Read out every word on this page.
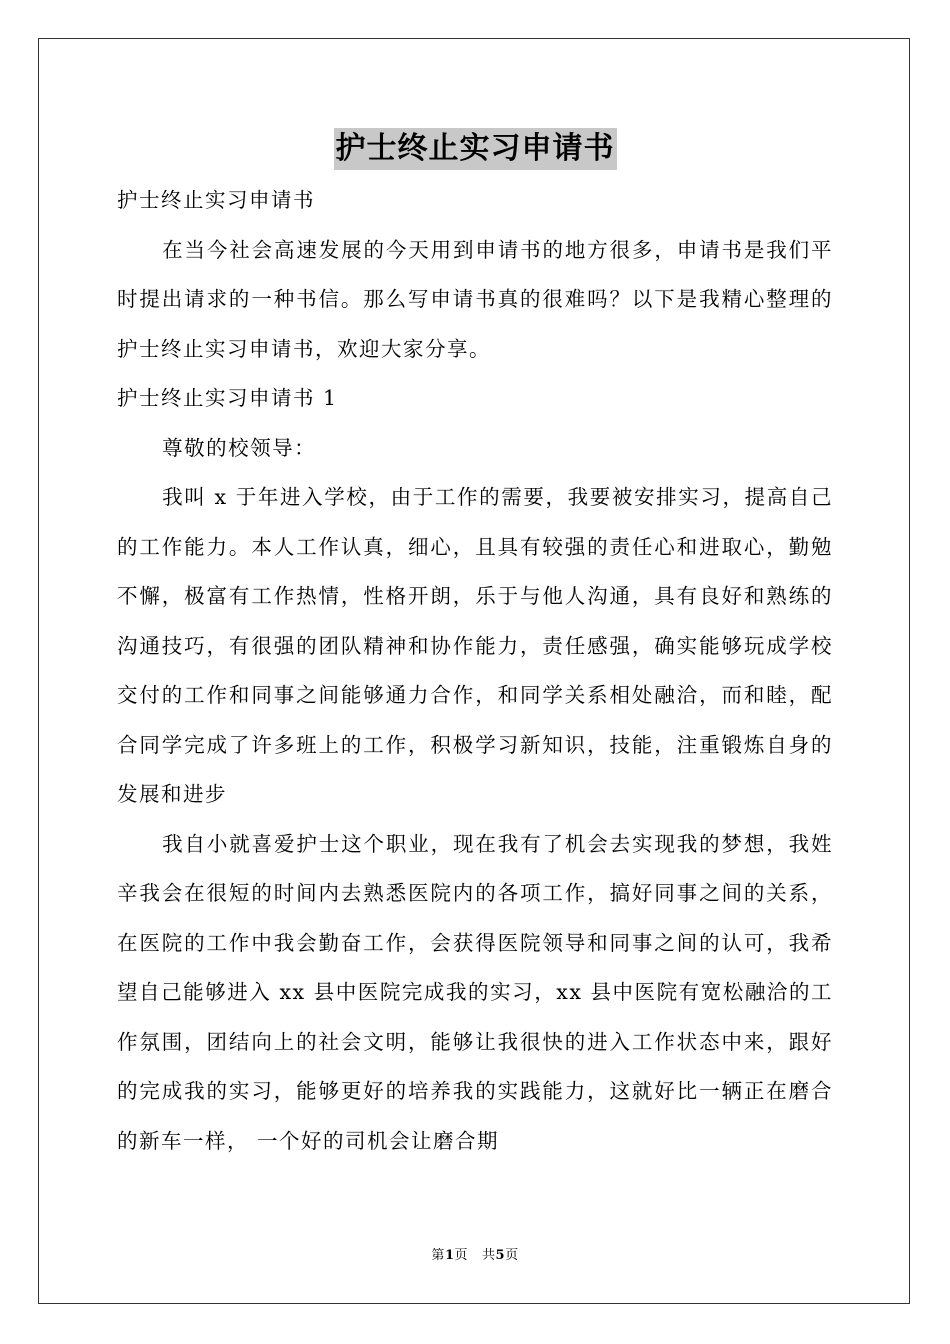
护士终止实习申请书

护士终止实习申请书

在当今社会高速发展的今天用到申请书的地方很多，申请书是我们平时提出请求的一种书信。那么写申请书真的很难吗？以下是我精心整理的护士终止实习申请书，欢迎大家分享。

护士终止实习申请书 1

尊敬的校领导：

我叫 x 于年进入学校，由于工作的需要，我要被安排实习，提高自己的工作能力。本人工作认真，细心，且具有较强的责任心和进取心，勤勉不懈，极富有工作热情，性格开朗，乐于与他人沟通，具有良好和熟练的沟通技巧，有很强的团队精神和协作能力，责任感强，确实能够玩成学校交付的工作和同事之间能够通力合作，和同学关系相处融洽，而和睦，配合同学完成了许多班上的工作，积极学习新知识，技能，注重锻炼自身的发展和进步

我自小就喜爱护士这个职业，现在我有了机会去实现我的梦想，我姓辛我会在很短的时间内去熟悉医院内的各项工作，搞好同事之间的关系，在医院的工作中我会勤奋工作，会获得医院领导和同事之间的认可，我希望自己能够进入 xx 县中医院完成我的实习，xx 县中医院有宽松融洽的工作氛围，团结向上的社会文明，能够让我很快的进入工作状态中来，跟好的完成我的实习，能够更好的培养我的实践能力，这就好比一辆正在磨合的新车一样， 一个好的司机会让磨合期

第1页 共5页
